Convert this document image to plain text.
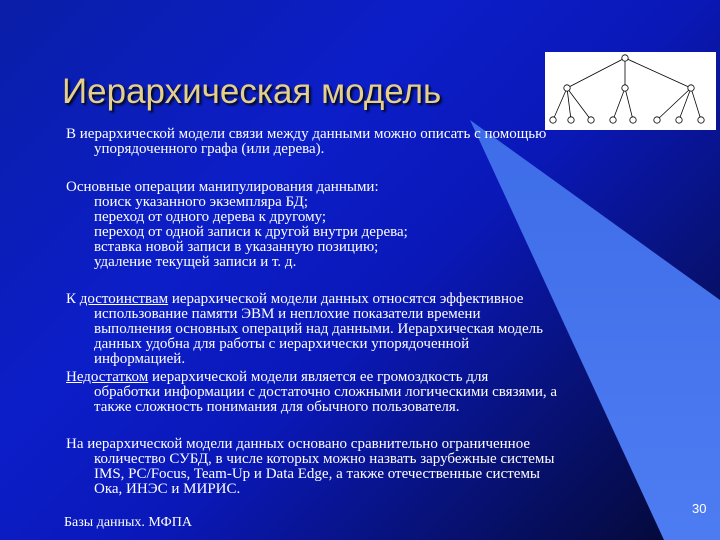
Иерархическая модель

В иерархической модели связи между данными можно описать с помощью

упорядоченного графа (или дерева).

Основные операции манипулирования данными:

поиск указанного экземпляра БД;

переход от одного дерева к другому;

переход от одной записи к другой внутри дерева;

вставка новой записи в указанную позицию;

удаление текущей записи и т. д.

К достоинствам иерархической модели данных относятся эффективное

использование памяти ЭВМ и неплохие показатели времени

выполнения основных операций над данными. Иерархическая модель

данных удобна для работы с иерархически упорядоченной

информацией.

Недостатком иерархической модели является ее громоздкость для

обработки информации с достаточно сложными логическими связями, а

также сложность понимания для обычного пользователя.

На иерархической модели данных основано сравнительно ограниченное

количество СУБД, в числе которых можно назвать зарубежные системы

IMS, PC/Focus, Team-Up и Data Edge, а также отечественные системы

Ока, ИНЭС и МИРИС.

Базы данных. МФПА
30
